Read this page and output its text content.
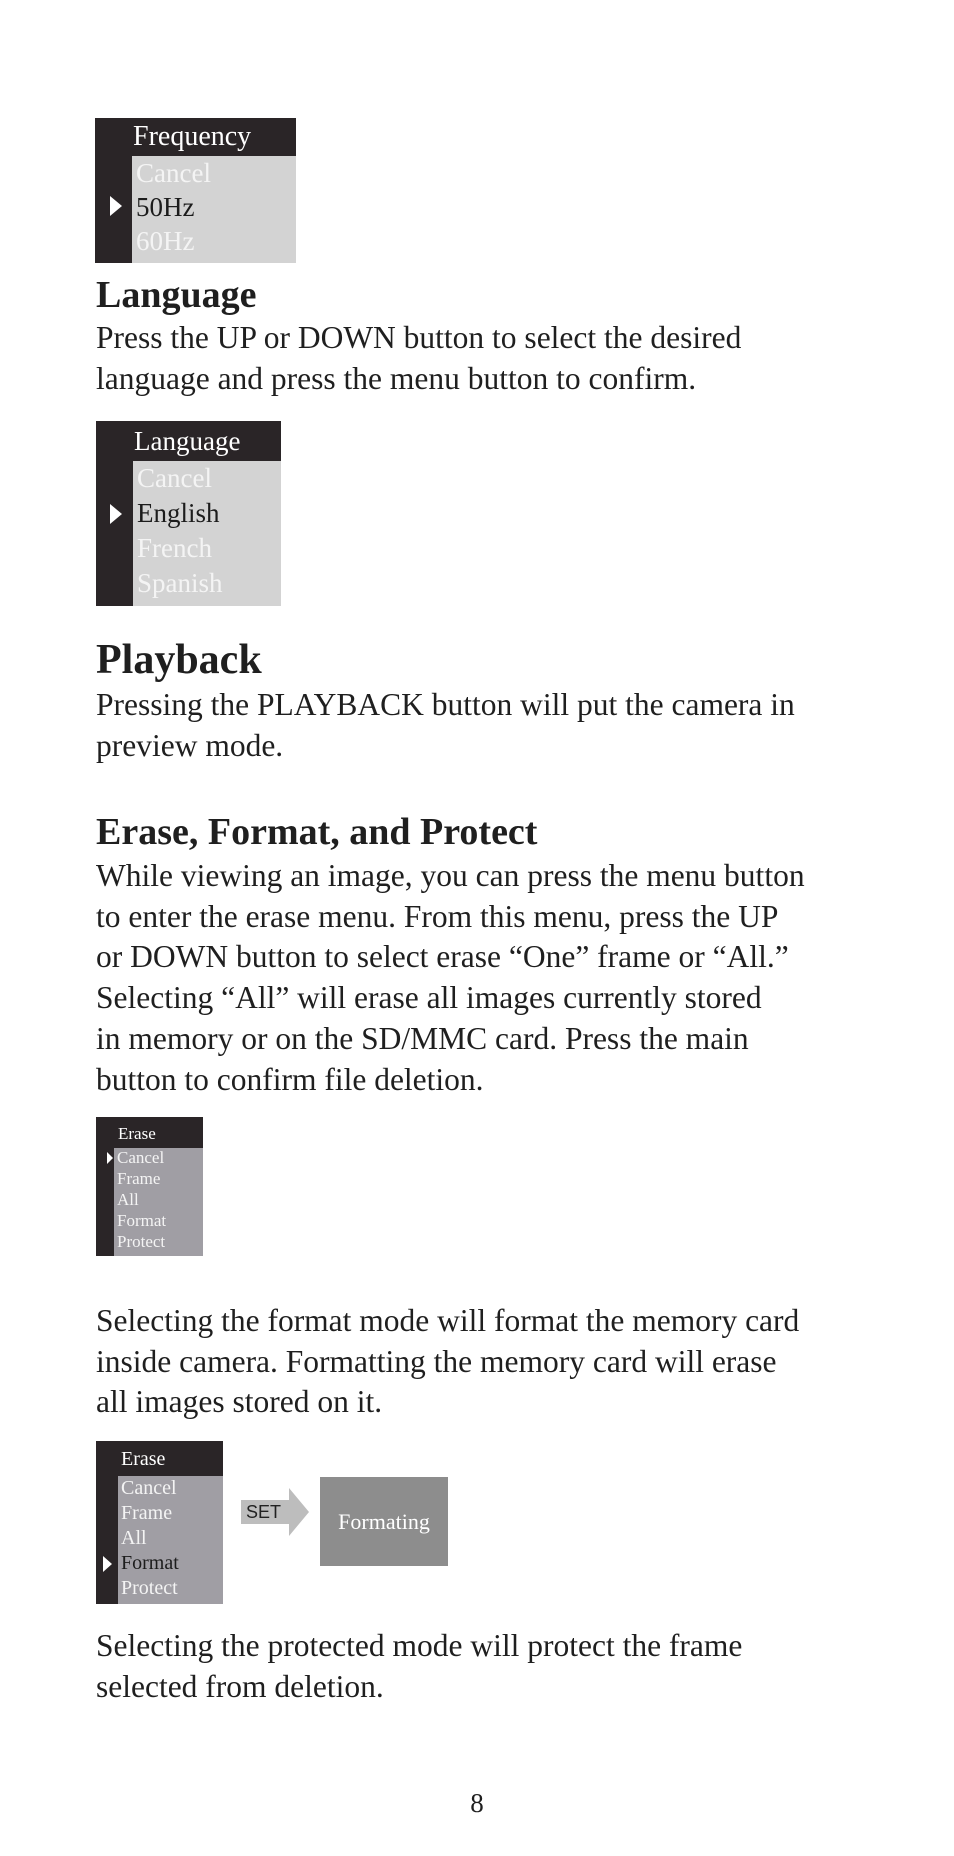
Frequency
Cancel
50Hz
60Hz
Language

Press the UP or DOWN button to select the desired
language and press the menu button to confirm.

Language
Cancel
English
French
Spanish
Playback

Pressing the PLAYBACK button will put the camera in
preview mode.

Erase, Format, and Protect

While viewing an image, you can press the menu button
to enter the erase menu. From this menu, press the UP
or DOWN button to select erase “One” frame or “All.”
Selecting “All” will erase all images currently stored
in memory or on the SD/MMC card. Press the main
button to confirm file deletion.

Erase
Cancel
Frame
All
Format
Protect

Selecting the format mode will format the memory card
inside camera. Formatting the memory card will erase
all images stored on it.

Erase
Cancel
Frame
All
Format
Protect
SET	Formating

Selecting the protected mode will protect the frame
selected from deletion.

8
